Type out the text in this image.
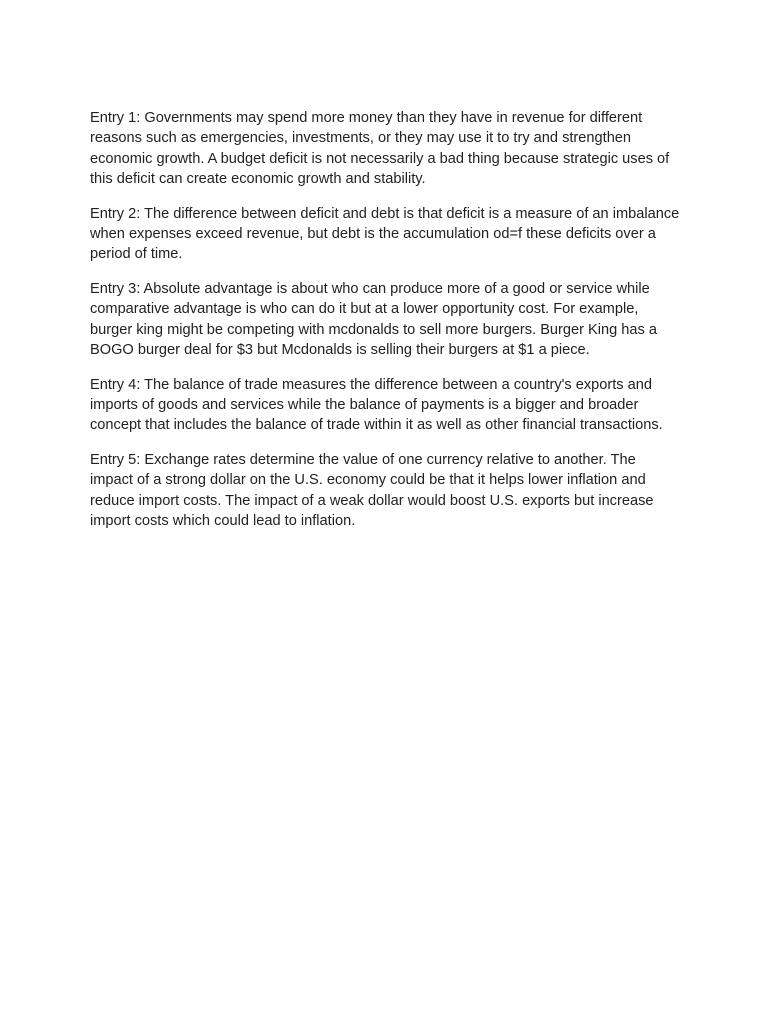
Entry 1: Governments may spend more money than they have in revenue for different reasons such as emergencies, investments, or they may use it to try and strengthen economic growth. A budget deficit is not necessarily a bad thing because strategic uses of this deficit can create economic growth and stability.

Entry 2: The difference between deficit and debt is that deficit is a measure of an imbalance when expenses exceed revenue, but debt is the accumulation od=f these deficits over a period of time.

Entry 3: Absolute advantage is about who can produce more of a good or service while comparative advantage is who can do it but at a lower opportunity cost. For example, burger king might be competing with mcdonalds to sell more burgers. Burger King has a BOGO burger deal for $3 but Mcdonalds is selling their burgers at $1 a piece.

Entry 4: The balance of trade measures the difference between a country's exports and imports of goods and services while the balance of payments is a bigger and broader concept that includes the balance of trade within it as well as other financial transactions.

Entry 5: Exchange rates determine the value of one currency relative to another. The impact of a strong dollar on the U.S. economy could be that it helps lower inflation and reduce import costs. The impact of a weak dollar would boost U.S. exports but increase import costs which could lead to inflation.
